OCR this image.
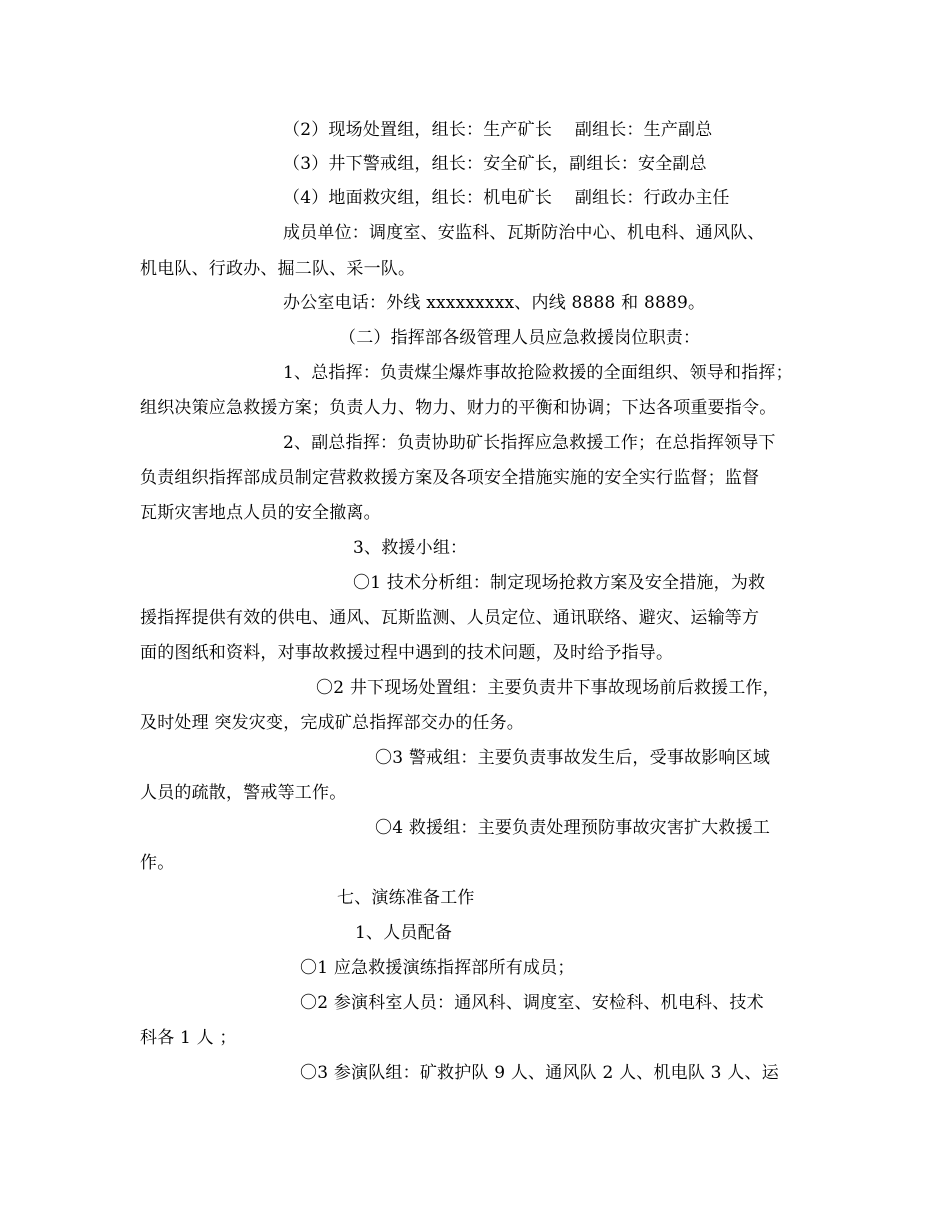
（2）现场处置组，组长：生产矿长　 副组长：生产副总
（3）井下警戒组，组长：安全矿长，副组长：安全副总
（4）地面救灾组，组长：机电矿长　 副组长：行政办主任
成员单位：调度室、安监科、瓦斯防治中心、机电科、通风队、
机电队、行政办、掘二队、采一队。
办公室电话：外线 xxxxxxxxx、内线 8888 和 8889。
（二）指挥部各级管理人员应急救援岗位职责：
1、总指挥：负责煤尘爆炸事故抢险救援的全面组织、领导和指挥；
组织决策应急救援方案；负责人力、物力、财力的平衡和协调；下达各项重要指令。
2、副总指挥：负责协助矿长指挥应急救援工作；在总指挥领导下
负责组织指挥部成员制定营救救援方案及各项安全措施实施的安全实行监督；监督
瓦斯灾害地点人员的安全撤离。
3、救援小组：
〇1 技术分析组：制定现场抢救方案及安全措施，为救
援指挥提供有效的供电、通风、瓦斯监测、人员定位、通讯联络、避灾、运输等方
面的图纸和资料，对事故救援过程中遇到的技术问题，及时给予指导。
〇2 井下现场处置组：主要负责井下事故现场前后救援工作，
及时处理 突发灾变，完成矿总指挥部交办的任务。
〇3 警戒组：主要负责事故发生后，受事故影响区域
人员的疏散，警戒等工作。
〇4 救援组：主要负责处理预防事故灾害扩大救援工
作。
七、演练准备工作
1、人员配备
〇1 应急救援演练指挥部所有成员；
〇2 参演科室人员：通风科、调度室、安检科、机电科、技术
科各 1 人 ；
〇3 参演队组：矿救护队 9 人、通风队 2 人、机电队 3 人、运
